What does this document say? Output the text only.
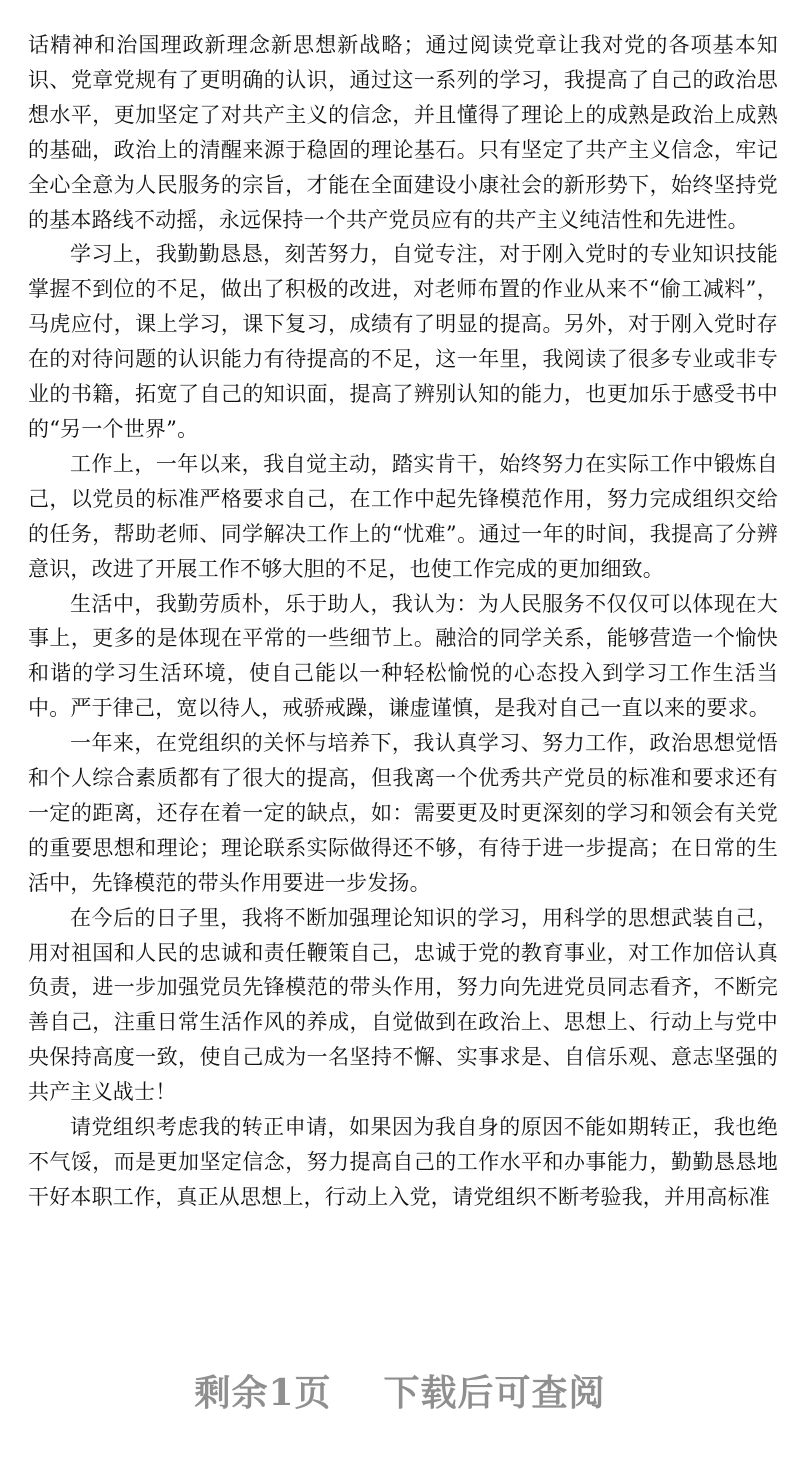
话精神和治国理政新理念新思想新战略；通过阅读党章让我对党的各项基本知识、党章党规有了更明确的认识，通过这一系列的学习，我提高了自己的政治思想水平，更加坚定了对共产主义的信念，并且懂得了理论上的成熟是政治上成熟的基础，政治上的清醒来源于稳固的理论基石。只有坚定了共产主义信念，牢记全心全意为人民服务的宗旨，才能在全面建设小康社会的新形势下，始终坚持党的基本路线不动摇，永远保持一个共产党员应有的共产主义纯洁性和先进性。

学习上，我勤勤恳恳，刻苦努力，自觉专注，对于刚入党时的专业知识技能掌握不到位的不足，做出了积极的改进，对老师布置的作业从来不“偷工减料”，马虎应付，课上学习，课下复习，成绩有了明显的提高。另外，对于刚入党时存在的对待问题的认识能力有待提高的不足，这一年里，我阅读了很多专业或非专业的书籍，拓宽了自己的知识面，提高了辨别认知的能力，也更加乐于感受书中的“另一个世界”。

工作上，一年以来，我自觉主动，踏实肯干，始终努力在实际工作中锻炼自己，以党员的标准严格要求自己，在工作中起先锋模范作用，努力完成组织交给的任务，帮助老师、同学解决工作上的“忧难”。通过一年的时间，我提高了分辨意识，改进了开展工作不够大胆的不足，也使工作完成的更加细致。

生活中，我勤劳质朴，乐于助人，我认为：为人民服务不仅仅可以体现在大事上，更多的是体现在平常的一些细节上。融洽的同学关系，能够营造一个愉快和谐的学习生活环境，使自己能以一种轻松愉悦的心态投入到学习工作生活当中。严于律己，宽以待人，戒骄戒躁，谦虚谨慎，是我对自己一直以来的要求。

一年来，在党组织的关怀与培养下，我认真学习、努力工作，政治思想觉悟和个人综合素质都有了很大的提高，但我离一个优秀共产党员的标准和要求还有一定的距离，还存在着一定的缺点，如：需要更及时更深刻的学习和领会有关党的重要思想和理论；理论联系实际做得还不够，有待于进一步提高；在日常的生活中，先锋模范的带头作用要进一步发扬。

在今后的日子里，我将不断加强理论知识的学习，用科学的思想武装自己，用对祖国和人民的忠诚和责任鞭策自己，忠诚于党的教育事业，对工作加倍认真负责，进一步加强党员先锋模范的带头作用，努力向先进党员同志看齐，不断完善自己，注重日常生活作风的养成，自觉做到在政治上、思想上、行动上与党中央保持高度一致，使自己成为一名坚持不懈、实事求是、自信乐观、意志坚强的共产主义战士！

请党组织考虑我的转正申请，如果因为我自身的原因不能如期转正，我也绝不气馁，而是更加坚定信念，努力提高自己的工作水平和办事能力，勤勤恳恳地干好本职工作，真正从思想上，行动上入党，请党组织不断考验我，并用高标准

剩余1页 下载后可查阅
